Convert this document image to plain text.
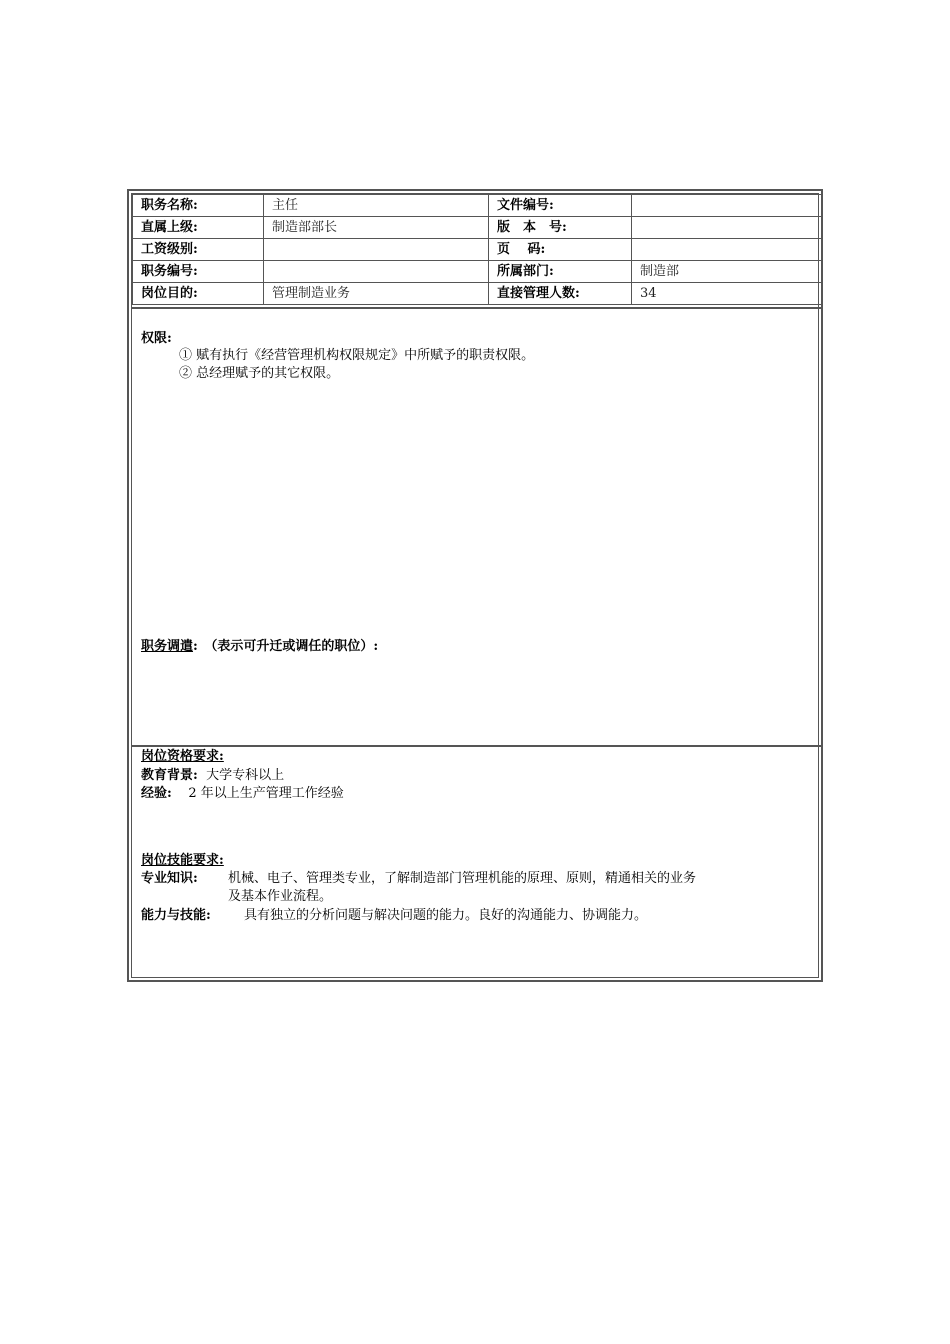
职务名称:	主任	文件编号:	
直属上级:	制造部部长	版　本　号:	
工资级别:		页　 码:	
职务编号:		所属部门:	制造部
岗位目的:	管理制造业务	直接管理人数:	34
权限:
① 赋有执行《经营管理机构权限规定》中所赋予的职责权限。
② 总经理赋予的其它权限。
职务调遣:　（表示可升迁或调任的职位）:
岗位资格要求:
教育背景: 大学专科以上
经验: 2 年以上生产管理工作经验
岗位技能要求:
专业知识: 机械、电子、管理类专业，了解制造部门管理机能的原理、原则，精通相关的业务
及基本作业流程。
能力与技能:	具有独立的分析问题与解决问题的能力。良好的沟通能力、协调能力。
